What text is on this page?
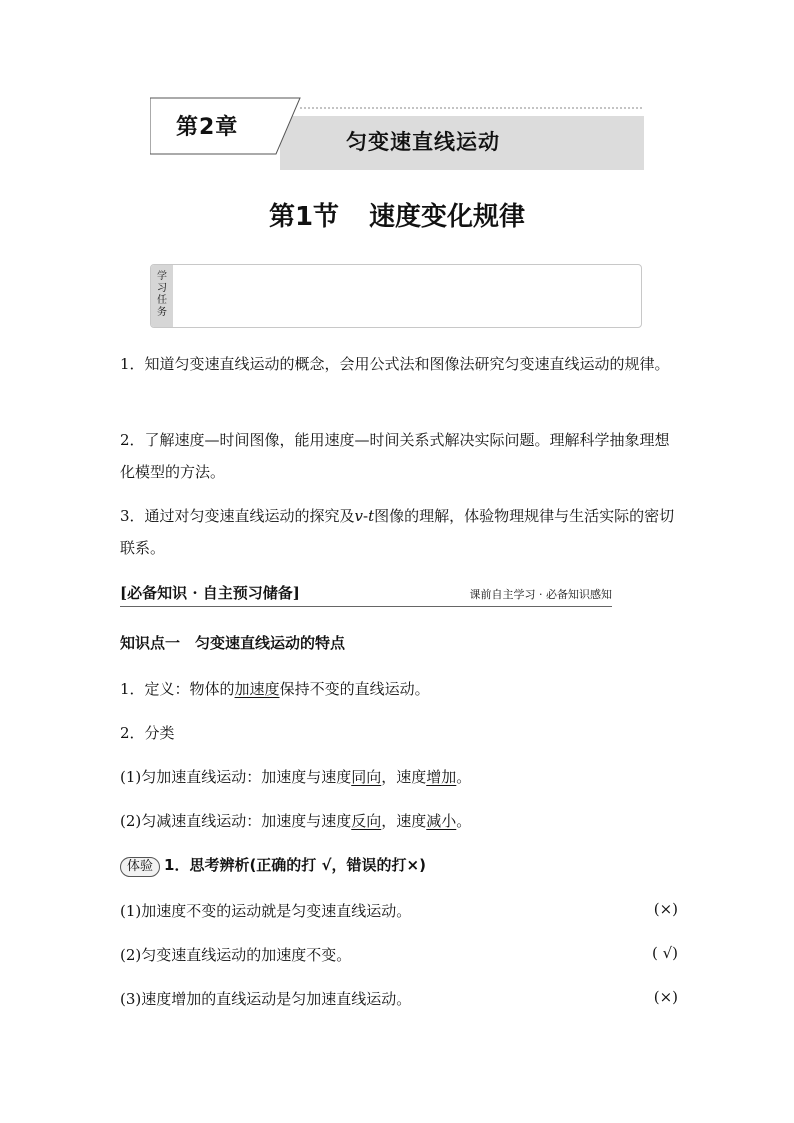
第2章
匀变速直线运动
第1节 速度变化规律
学
习
任
务

1．知道匀变速直线运动的概念，会用公式法和图像法研究匀变速直线运动的规律。

2．了解速度—时间图像，能用速度—时间关系式解决实际问题。理解科学抽象理想化模型的方法。

3．通过对匀变速直线运动的探究及v-t图像的理解，体验物理规律与生活实际的密切联系。

[必备知识 · 自主预习储备]	课前自主学习 · 必备知识感知
知识点一　匀变速直线运动的特点
1．定义：物体的加速度保持不变的直线运动。
2．分类
(1)匀加速直线运动：加速度与速度同向，速度增加。
(2)匀减速直线运动：加速度与速度反向，速度减小。
体验 1．思考辨析(正确的打 √，错误的打×)
(1)加速度不变的运动就是匀变速直线运动。	(×)
(2)匀变速直线运动的加速度不变。	( √)
(3)速度增加的直线运动是匀加速直线运动。	(×)
